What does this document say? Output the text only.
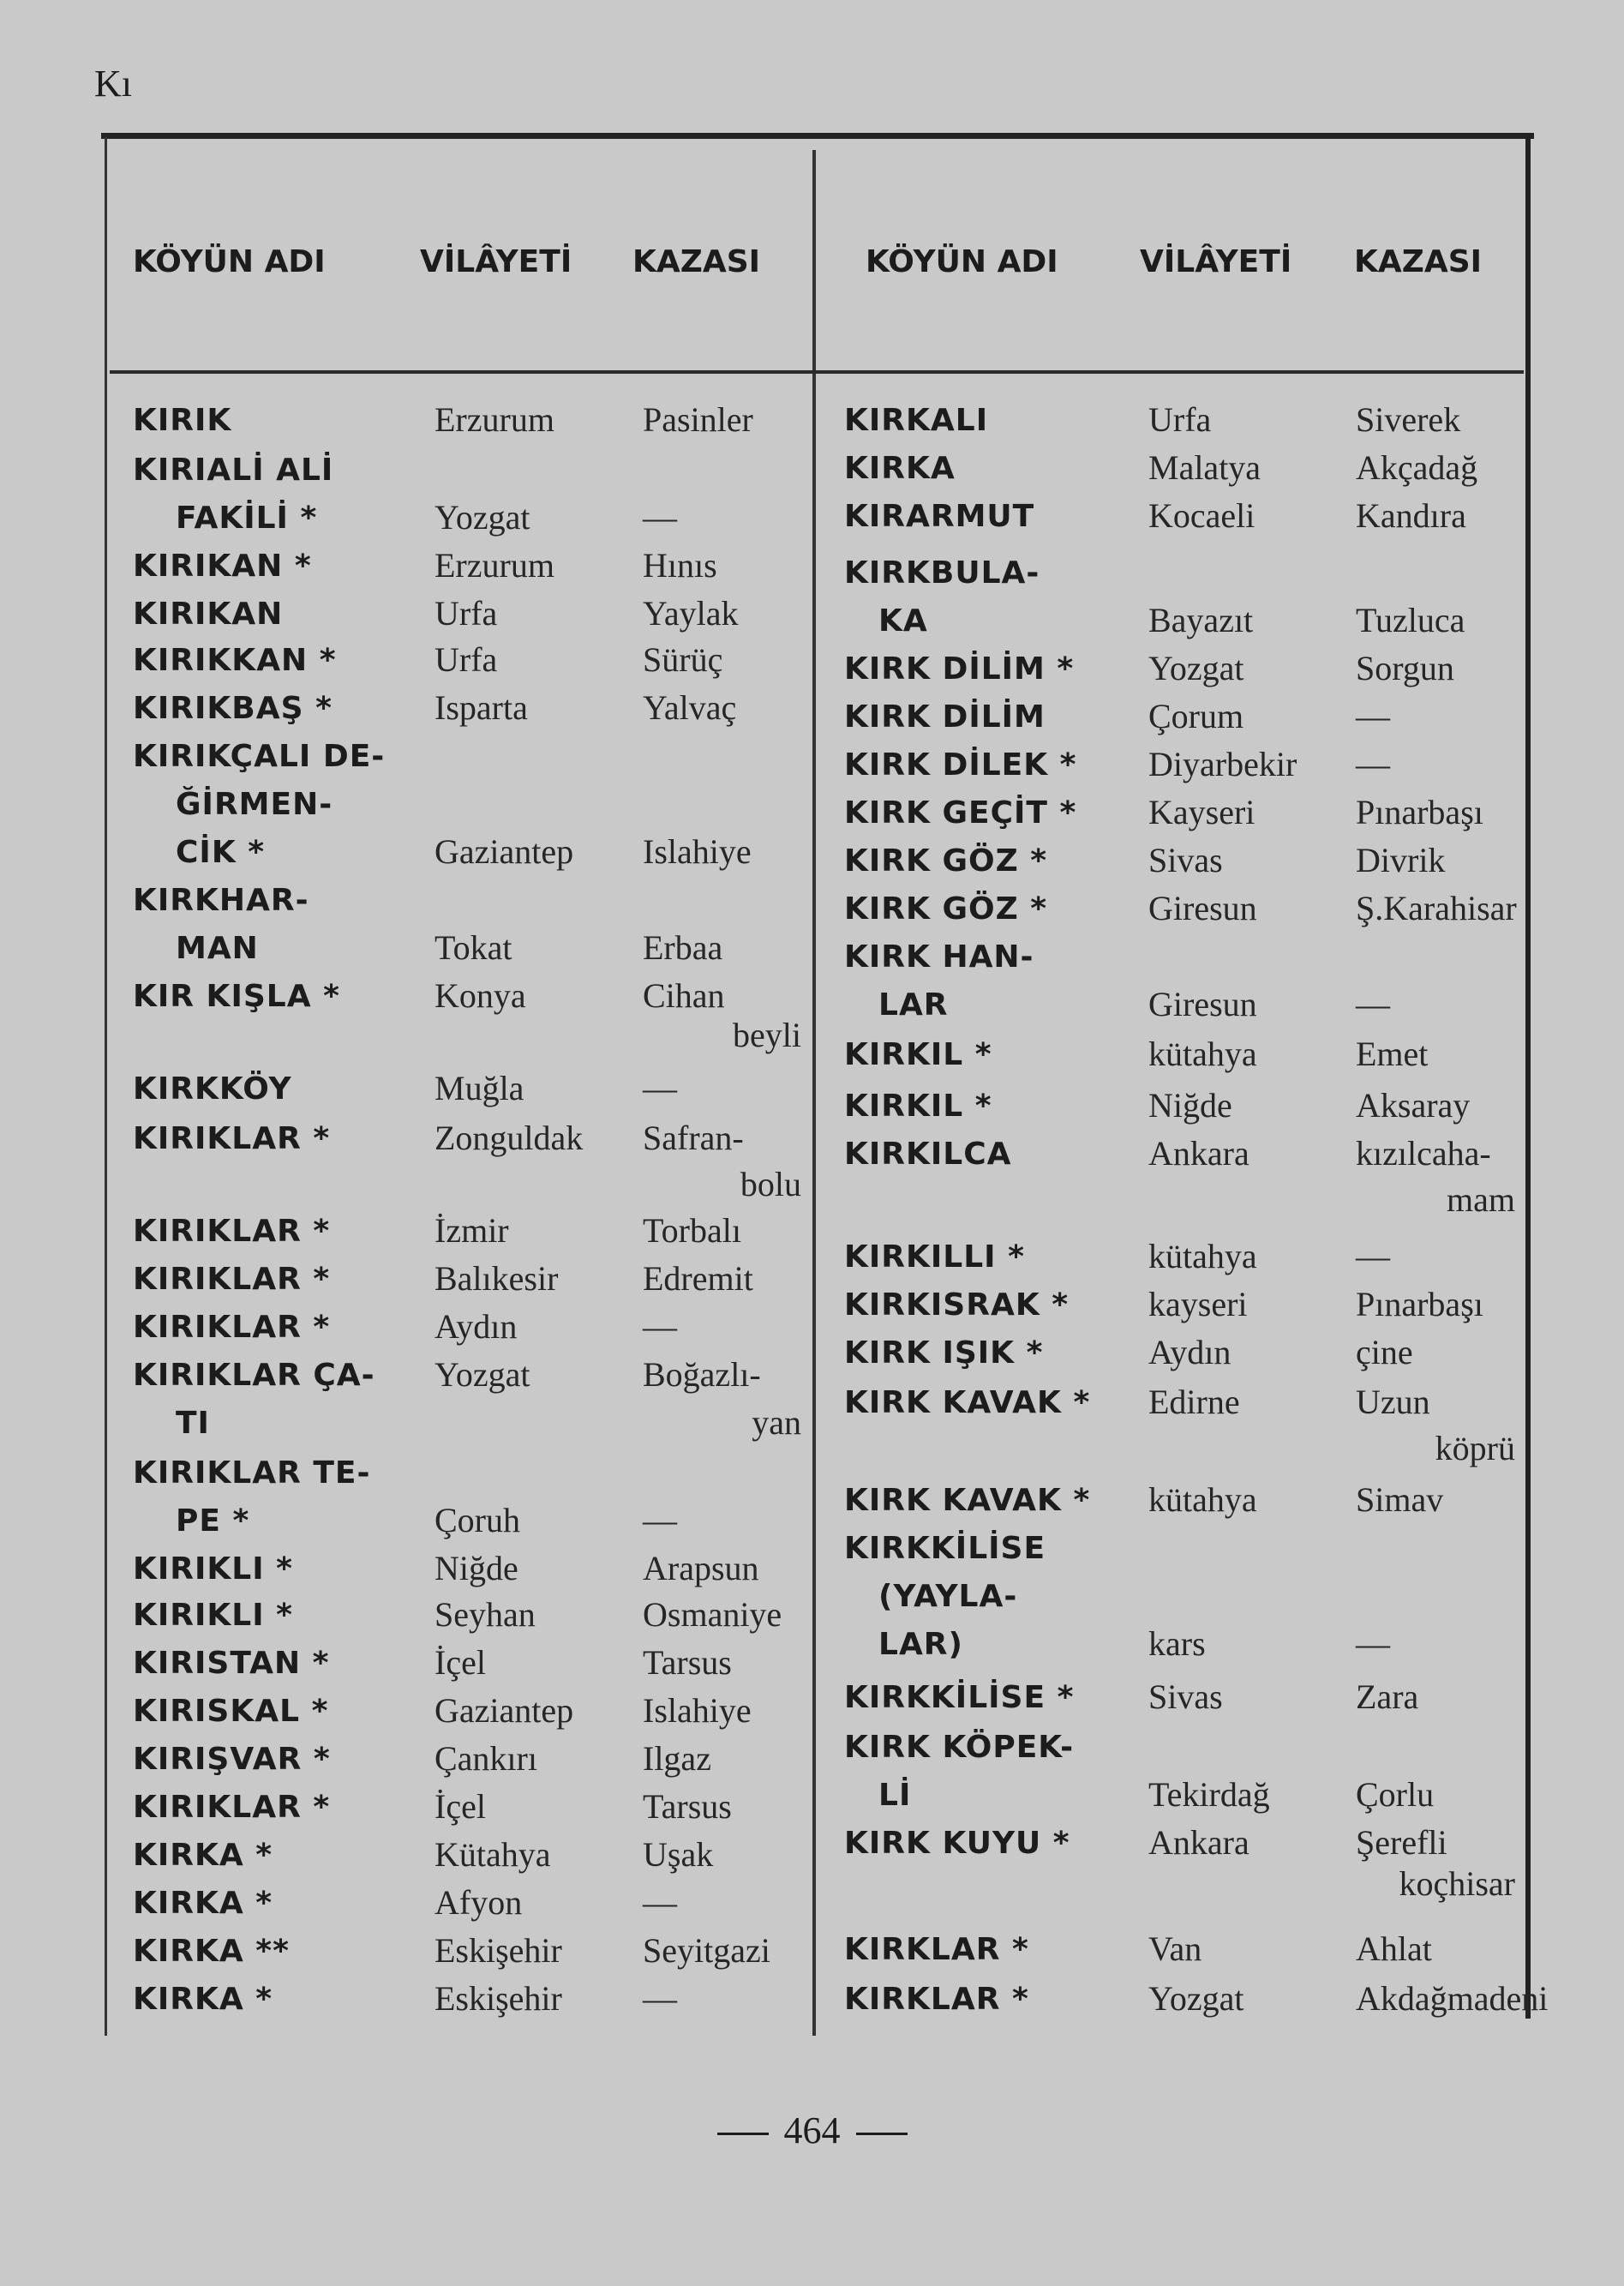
Kı
KÖYÜN ADI	VİLÂYETİ KAZASI	KÖYÜN ADI	VİLÂYETİ KAZASI
KIRIK	Erzurum	Pasinler
KIRIALİ ALİ
FAKİLİ *	Yozgat	—
KIRIKAN *	Erzurum	Hınıs
KIRIKAN	Urfa	Yaylak
KIRIKKAN *	Urfa	Sürüç
KIRIKBAŞ *	Isparta	Yalvaç
KIRIKÇALI DE-
ĞİRMEN-
CİK *	Gaziantep Islahiye
KIRKHAR-
MAN	Tokat	Erbaa
KIR KIŞLA *	Konya	Cihan
beyli
KIRKKÖY	Muğla	—
KIRIKLAR *	Zonguldak Safran-
bolu
KIRIKLAR *	İzmir	Torbalı
KIRIKLAR *	Balıkesir Edremit
KIRIKLAR *	Aydın	—
KIRIKLAR ÇA- Yozgat	Boğazlı-
TI	yan
KIRIKLAR TE-
PE *	Çoruh	—
KIRIKLI *	Niğde	Arapsun
KIRIKLI *	Seyhan	Osmaniye
KIRISTAN *	İçel	Tarsus
KIRISKAL *	Gaziantep Islahiye
KIRIŞVAR *	Çankırı	Ilgaz
KIRIKLAR *	İçel	Tarsus
KIRKA *	Kütahya	Uşak
KIRKA *	Afyon	—
KIRKA **	Eskişehir Seyitgazi
KIRKA *	Eskişehir —
KIRKALI	Urfa	Siverek
KIRKA	Malatya	Akçadağ
KIRARMUT	Kocaeli	Kandıra
KIRKBULA-
KA	Bayazıt	Tuzluca
KIRK DİLİM * Yozgat	Sorgun
KIRK DİLİM	Çorum	—
KIRK DİLEK * Diyarbekir —
KIRK GEÇİT * Kayseri	Pınarbaşı
KIRK GÖZ *	Sivas	Divrik
KIRK GÖZ *	Giresun	Ş.Karahisar
KIRK HAN-
LAR	Giresun	—
KIRKIL *	kütahya	Emet
KIRKIL *	Niğde	Aksaray
KIRKILCA	Ankara	kızılcaha-
mam
KIRKILLI *	kütahya	—
KIRKISRAK * kayseri	Pınarbaşı
KIRK IŞIK *	Aydın	çine
KIRK KAVAK * Edirne	Uzun
köprü
KIRK KAVAK * kütahya	Simav
KIRKKİLİSE
(YAYLA-
LAR)	kars	—
KIRKKİLİSE * Sivas	Zara
KIRK KÖPEK-
Lİ	Tekirdağ	Çorlu
KIRK KUYU * Ankara	Şerefli
koçhisar
KIRKLAR *	Van	Ahlat
KIRKLAR *	Yozgat	Akdağmadeni
464
